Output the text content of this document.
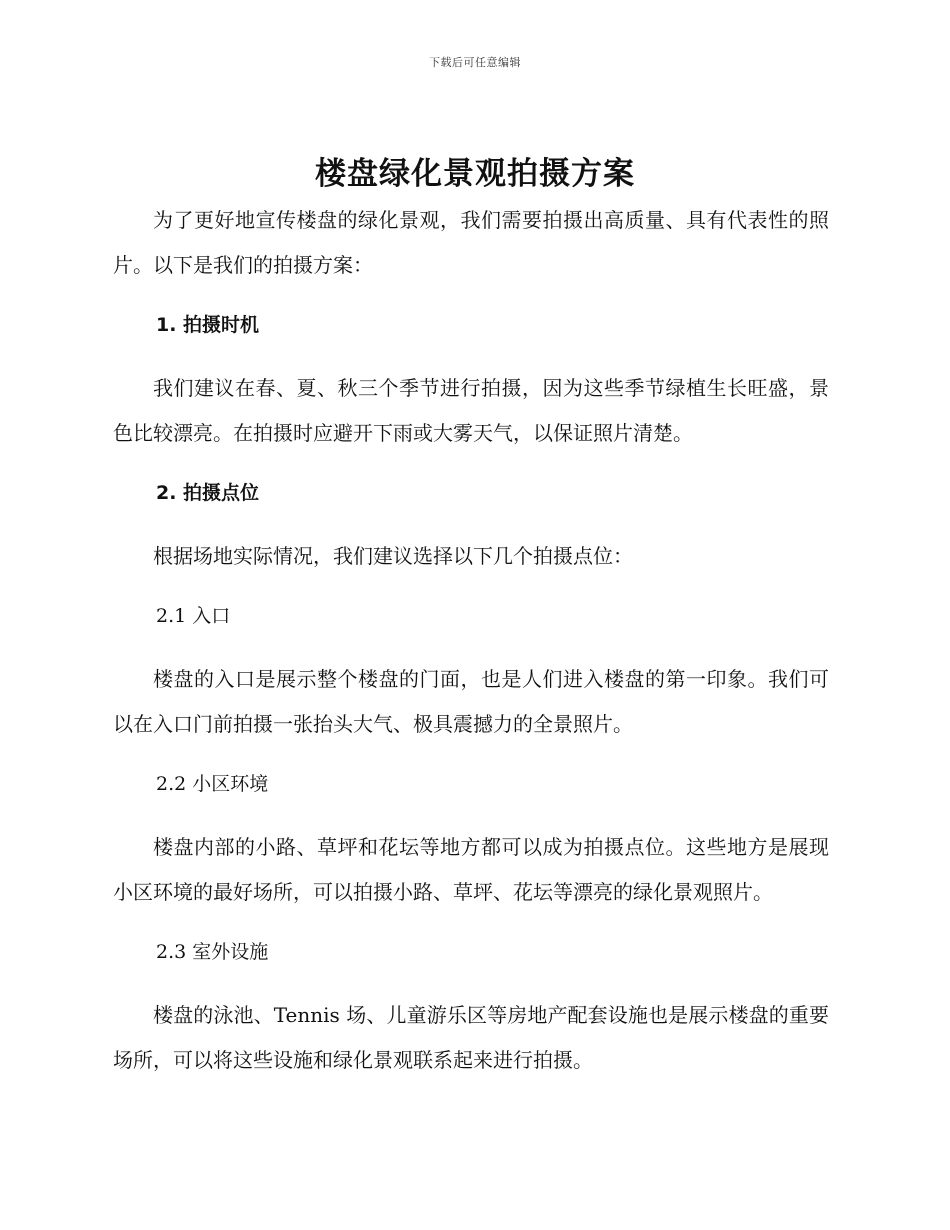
下载后可任意编辑
楼盘绿化景观拍摄方案

为了更好地宣传楼盘的绿化景观，我们需要拍摄出高质量、具有代表性的照片。以下是我们的拍摄方案：

1. 拍摄时机

我们建议在春、夏、秋三个季节进行拍摄，因为这些季节绿植生长旺盛，景色比较漂亮。在拍摄时应避开下雨或大雾天气，以保证照片清楚。

2. 拍摄点位

根据场地实际情况，我们建议选择以下几个拍摄点位：

2.1 入口

楼盘的入口是展示整个楼盘的门面，也是人们进入楼盘的第一印象。我们可以在入口门前拍摄一张抬头大气、极具震撼力的全景照片。

2.2 小区环境

楼盘内部的小路、草坪和花坛等地方都可以成为拍摄点位。这些地方是展现小区环境的最好场所，可以拍摄小路、草坪、花坛等漂亮的绿化景观照片。

2.3 室外设施

楼盘的泳池、Tennis 场、儿童游乐区等房地产配套设施也是展示楼盘的重要场所，可以将这些设施和绿化景观联系起来进行拍摄。
